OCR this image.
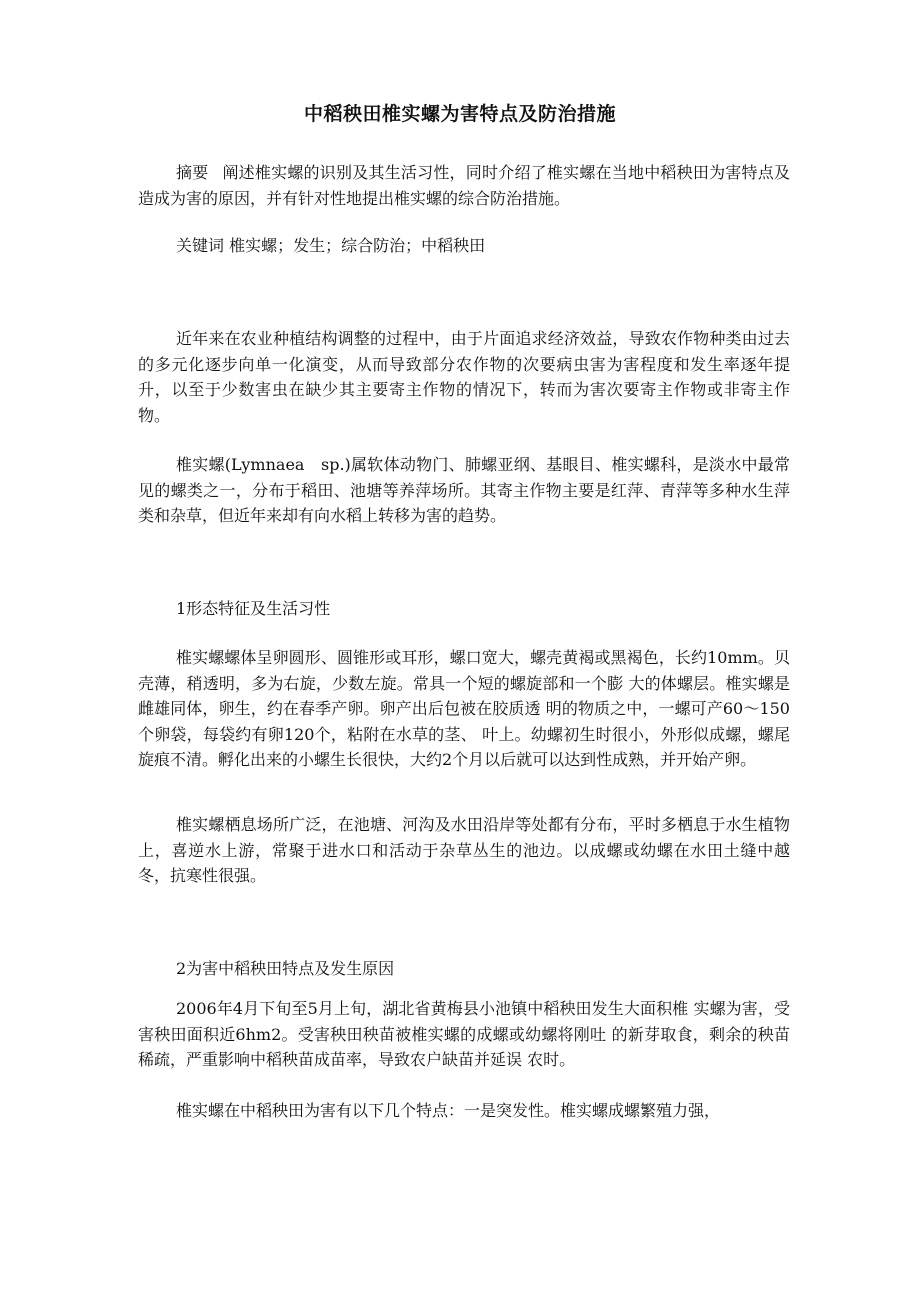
中稻秧田椎实螺为害特点及防治措施

摘要 阐述椎实螺的识别及其生活习性，同时介绍了椎实螺在当地中稻秧田为害特点及造成为害的原因，并有针对性地提出椎实螺的综合防治措施。

关键词 椎实螺；发生；综合防治；中稻秧田

近年来在农业种植结构调整的过程中，由于片面追求经济效益，导致农作物种类由过去的多元化逐步向单一化演变，从而导致部分农作物的次要病虫害为害程度和发生率逐年提升，以至于少数害虫在缺少其主要寄主作物的情况下，转而为害次要寄主作物或非寄主作物。

椎实螺(Lymnaea　sp.)属软体动物门、肺螺亚纲、基眼目、椎实螺科，是淡水中最常见的螺类之一，分布于稻田、池塘等养萍场所。其寄主作物主要是红萍、青萍等多种水生萍类和杂草，但近年来却有向水稻上转移为害的趋势。

1形态特征及生活习性

椎实螺螺体呈卵圆形、圆锥形或耳形，螺口宽大，螺壳黄褐或黑褐色，长约10mm。贝壳薄，稍透明，多为右旋，少数左旋。常具一个短的螺旋部和一个膨 大的体螺层。椎实螺是雌雄同体，卵生，约在春季产卵。卵产出后包被在胶质透 明的物质之中，一螺可产60～150个卵袋，每袋约有卵120个，粘附在水草的茎、 叶上。幼螺初生时很小，外形似成螺，螺尾旋痕不清。孵化出来的小螺生长很快，大约2个月以后就可以达到性成熟，并开始产卵。

椎实螺栖息场所广泛，在池塘、河沟及水田沿岸等处都有分布，平时多栖息于水生植物上，喜逆水上游，常聚于进水口和活动于杂草丛生的池边。以成螺或幼螺在水田土缝中越冬，抗寒性很强。

2为害中稻秧田特点及发生原因

2006年4月下旬至5月上旬，湖北省黄梅县小池镇中稻秧田发生大面积椎 实螺为害，受害秧田面积近6hm2。受害秧田秧苗被椎实螺的成螺或幼螺将刚吐 的新芽取食，剩余的秧苗稀疏，严重影响中稻秧苗成苗率，导致农户缺苗并延误 农时。

椎实螺在中稻秧田为害有以下几个特点：一是突发性。椎实螺成螺繁殖力强，
